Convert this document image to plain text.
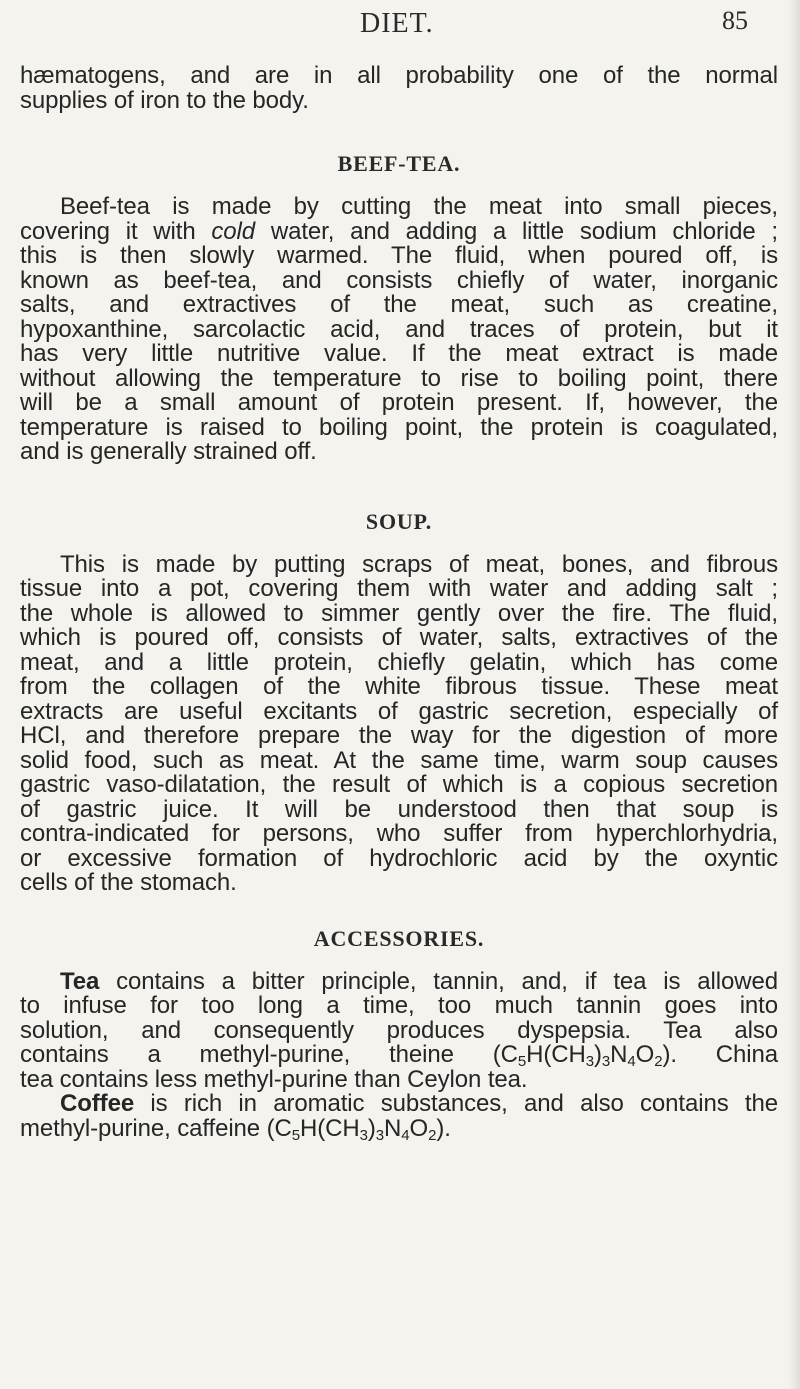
DIET.	85

hæmatogens, and are in all probability one of the normal

supplies of iron to the body.

BEEF-TEA.

Beef-tea is made by cutting the meat into small pieces,

covering it with cold water, and adding a little sodium chloride ;

this is then slowly warmed. The fluid, when poured off, is

known as beef-tea, and consists chiefly of water, inorganic

salts, and extractives of the meat, such as creatine,

hypoxanthine, sarcolactic acid, and traces of protein, but it

has very little nutritive value. If the meat extract is made

without allowing the temperature to rise to boiling point, there

will be a small amount of protein present. If, however, the

temperature is raised to boiling point, the protein is coagulated,

and is generally strained off.

SOUP.

This is made by putting scraps of meat, bones, and fibrous

tissue into a pot, covering them with water and adding salt ;

the whole is allowed to simmer gently over the fire. The fluid,

which is poured off, consists of water, salts, extractives of the

meat, and a little protein, chiefly gelatin, which has come

from the collagen of the white fibrous tissue. These meat

extracts are useful excitants of gastric secretion, especially of

HCl, and therefore prepare the way for the digestion of more

solid food, such as meat. At the same time, warm soup causes

gastric vaso-dilatation, the result of which is a copious secretion

of gastric juice. It will be understood then that soup is

contra-indicated for persons, who suffer from hyperchlorhydria,

or excessive formation of hydrochloric acid by the oxyntic

cells of the stomach.

ACCESSORIES.

Tea contains a bitter principle, tannin, and, if tea is allowed

to infuse for too long a time, too much tannin goes into

solution, and consequently produces dyspepsia. Tea also

contains a methyl-purine, theine $(C_5H(CH_3)_3N_4O_2)$. China

tea contains less methyl-purine than Ceylon tea.

Coffee is rich in aromatic substances, and also contains the

methyl-purine, caffeine $(C_5H(CH_3)_3N_4O_2)$.
